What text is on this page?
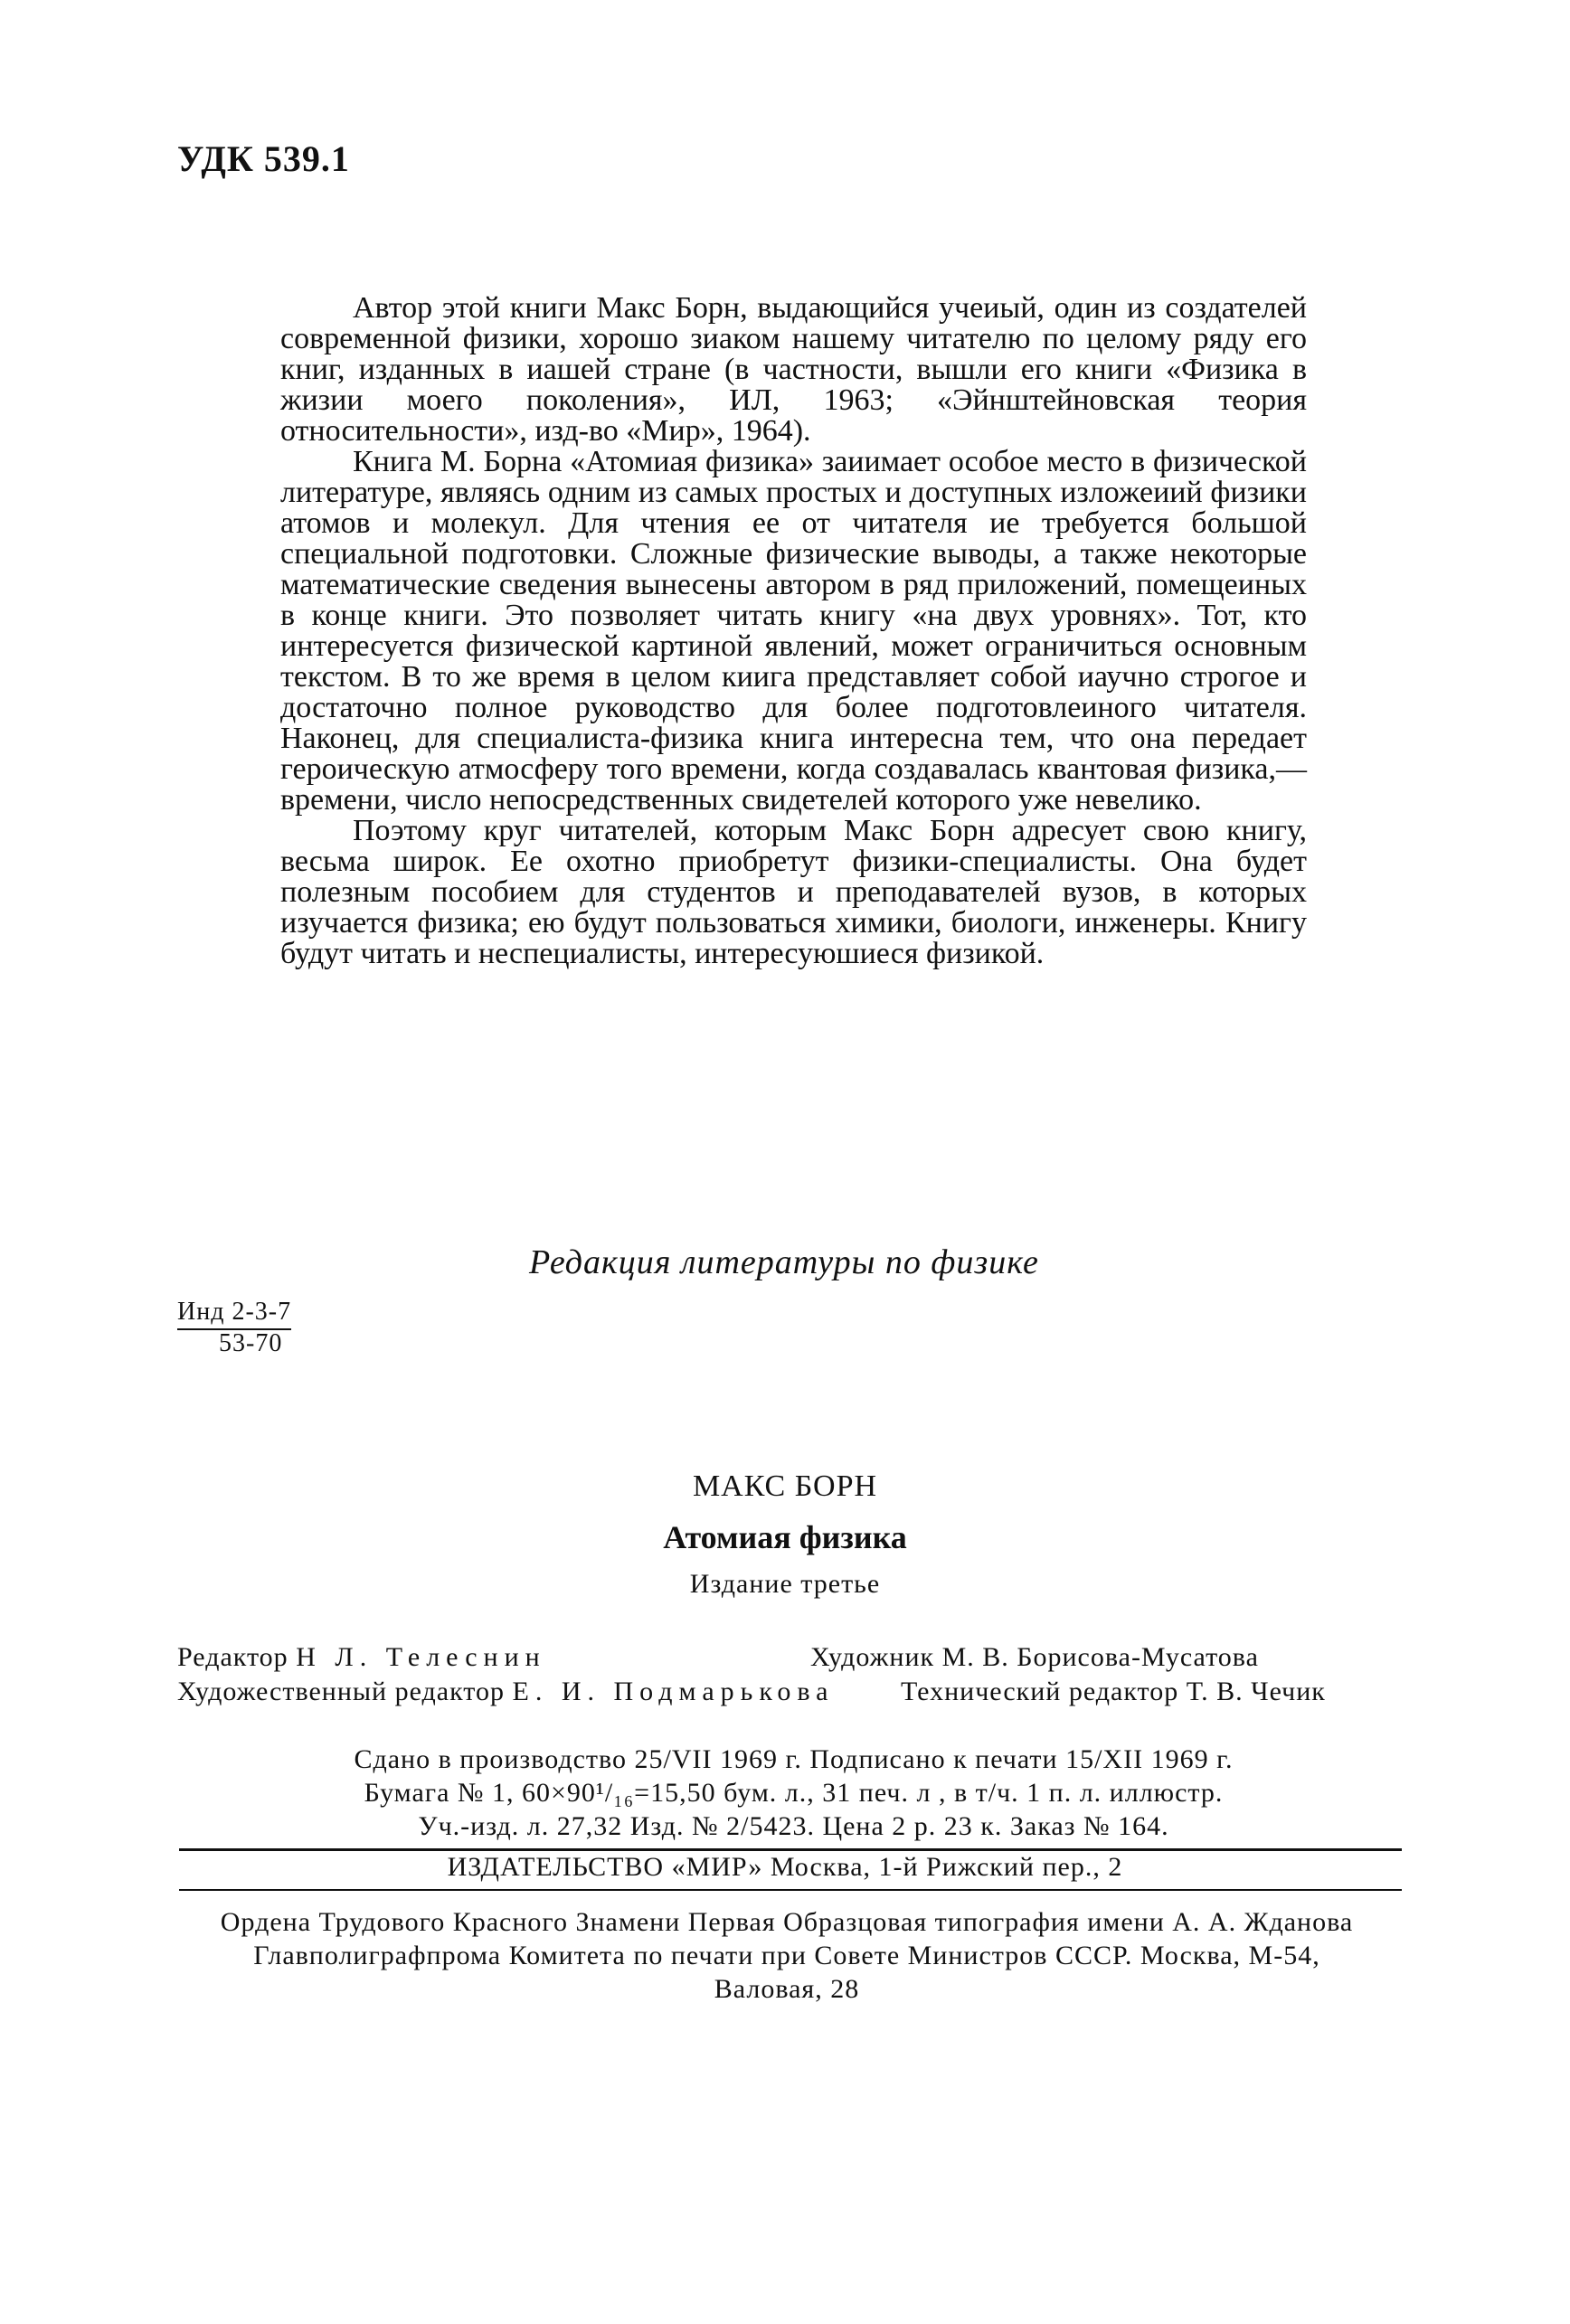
УДК 539.1

Автор этой книги Макс Борн, выдающийся учеиый, один из создателей современной физики, хорошо зиаком нашему читателю по целому ряду его книг, изданных в иашей стране (в частности, вышли его книги «Физика в жизии моего поколения», ИЛ, 1963; «Эйнштейновская теория относительности», изд-во «Мир», 1964).

Книга М. Борна «Атомиая физика» заиимает особое место в физической литературе, являясь одним из самых простых и доступных изложеиий физики атомов и молекул. Для чтения ее от читателя ие требуется большой специальной подготовки. Сложные физические выводы, а также некоторые математические сведения вынесены автором в ряд приложений, помещеиных в конце книги. Это позволяет читать книгу «на двух уровнях». Тот, кто интересуется физической картиной явлений, может ограничиться основным текстом. В то же время в целом киига представляет собой иаучно строгое и достаточно полное руководство для более подготовлеиного читателя. Наконец, для специалиста-физика книга интересна тем, что она передает героическую атмосферу того времени, когда создавалась квантовая физика,— времени, число непосредственных свидетелей которого уже невелико.

Поэтому круг читателей, которым Макс Борн адресует свою книгу, весьма широк. Ее охотно приобретут физики-специалисты. Она будет полезным пособием для студентов и преподавателей вузов, в которых изучается физика; ею будут пользоваться химики, биологи, инженеры. Книгу будут читать и неспециалисты, интересуюшиеся физикой.

Редакция литературы по физике
Инд 2-3-7
53-70
МАКС БОРН
Атомиая физика
Издание третье
Редактор Н Л. Телеснин	Художник М. В. Борисова-Мусатова
Художественный редактор Е. И. Подмарькова Технический редактор Т. В. Чечик
Сдано в производство 25/VII 1969 г. Подписано к печати 15/XII 1969 г.
Бумага № 1, 60×90¹/₁₆=15,50 бум. л., 31 печ. л , в т/ч. 1 п. л. иллюстр.
Уч.-изд. л. 27,32 Изд. № 2/5423. Цена 2 р. 23 к. Заказ № 164.
ИЗДАТЕЛЬСТВО «МИР» Москва, 1-й Рижский пер., 2
Ордена Трудового Красного Знамени Первая Образцовая типография имени А. А. Жданова
Главполиграфпрома Комитета по печати при Совете Министров СССР. Москва, М-54,
Валовая, 28
